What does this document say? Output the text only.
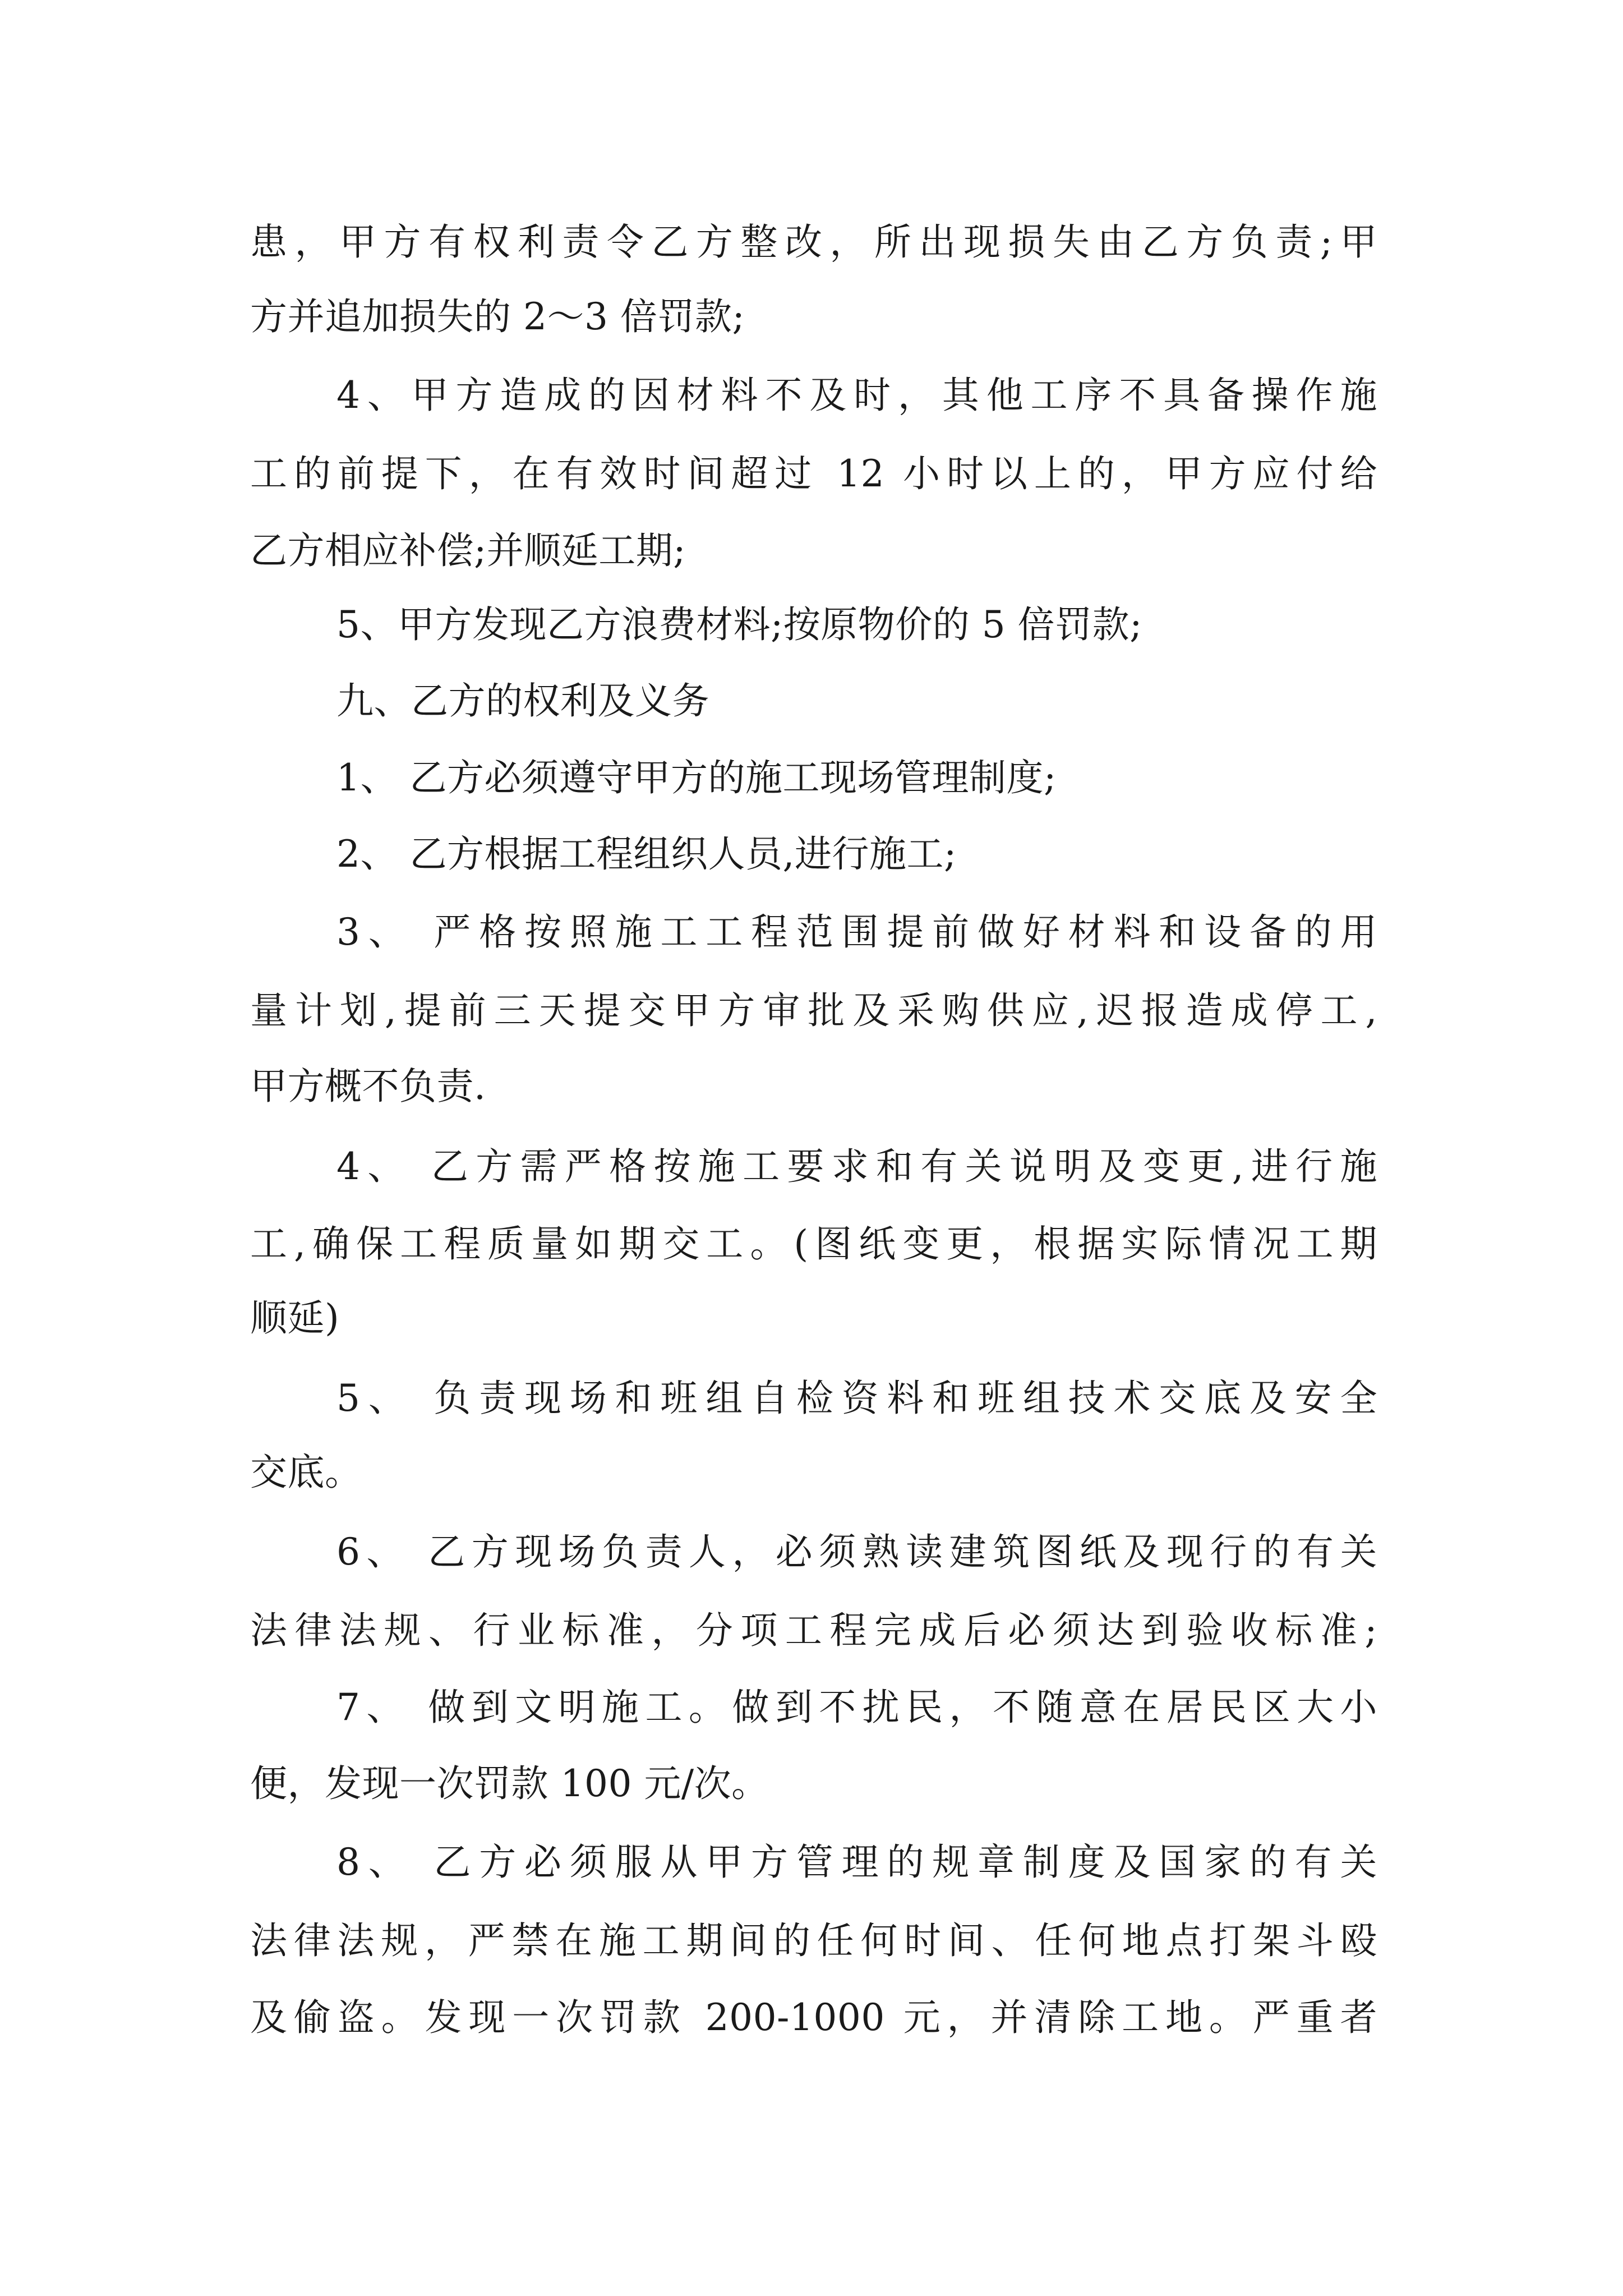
患，甲方有权利责令乙方整改，所出现损失由乙方负责;甲
方并追加损失的 2～3 倍罚款;
4、甲方造成的因材料不及时，其他工序不具备操作施
工的前提下，在有效时间超过 12 小时以上的，甲方应付给
乙方相应补偿;并顺延工期;
5、甲方发现乙方浪费材料;按原物价的 5 倍罚款;
九、乙方的权利及义务
1、 乙方必须遵守甲方的施工现场管理制度;
2、 乙方根据工程组织人员,进行施工;
3、 严格按照施工工程范围提前做好材料和设备的用
量计划,提前三天提交甲方审批及采购供应,迟报造成停工,
甲方概不负责.
4、 乙方需严格按施工要求和有关说明及变更,进行施
工,确保工程质量如期交工。(图纸变更，根据实际情况工期
顺延)
5、 负责现场和班组自检资料和班组技术交底及安全
交底。
6、 乙方现场负责人，必须熟读建筑图纸及现行的有关
法律法规、行业标准，分项工程完成后必须达到验收标准;
7、 做到文明施工。做到不扰民，不随意在居民区大小
便，发现一次罚款 100 元/次。
8、 乙方必须服从甲方管理的规章制度及国家的有关
法律法规，严禁在施工期间的任何时间、任何地点打架斗殴
及偷盗。发现一次罚款 200-1000 元，并清除工地。严重者
